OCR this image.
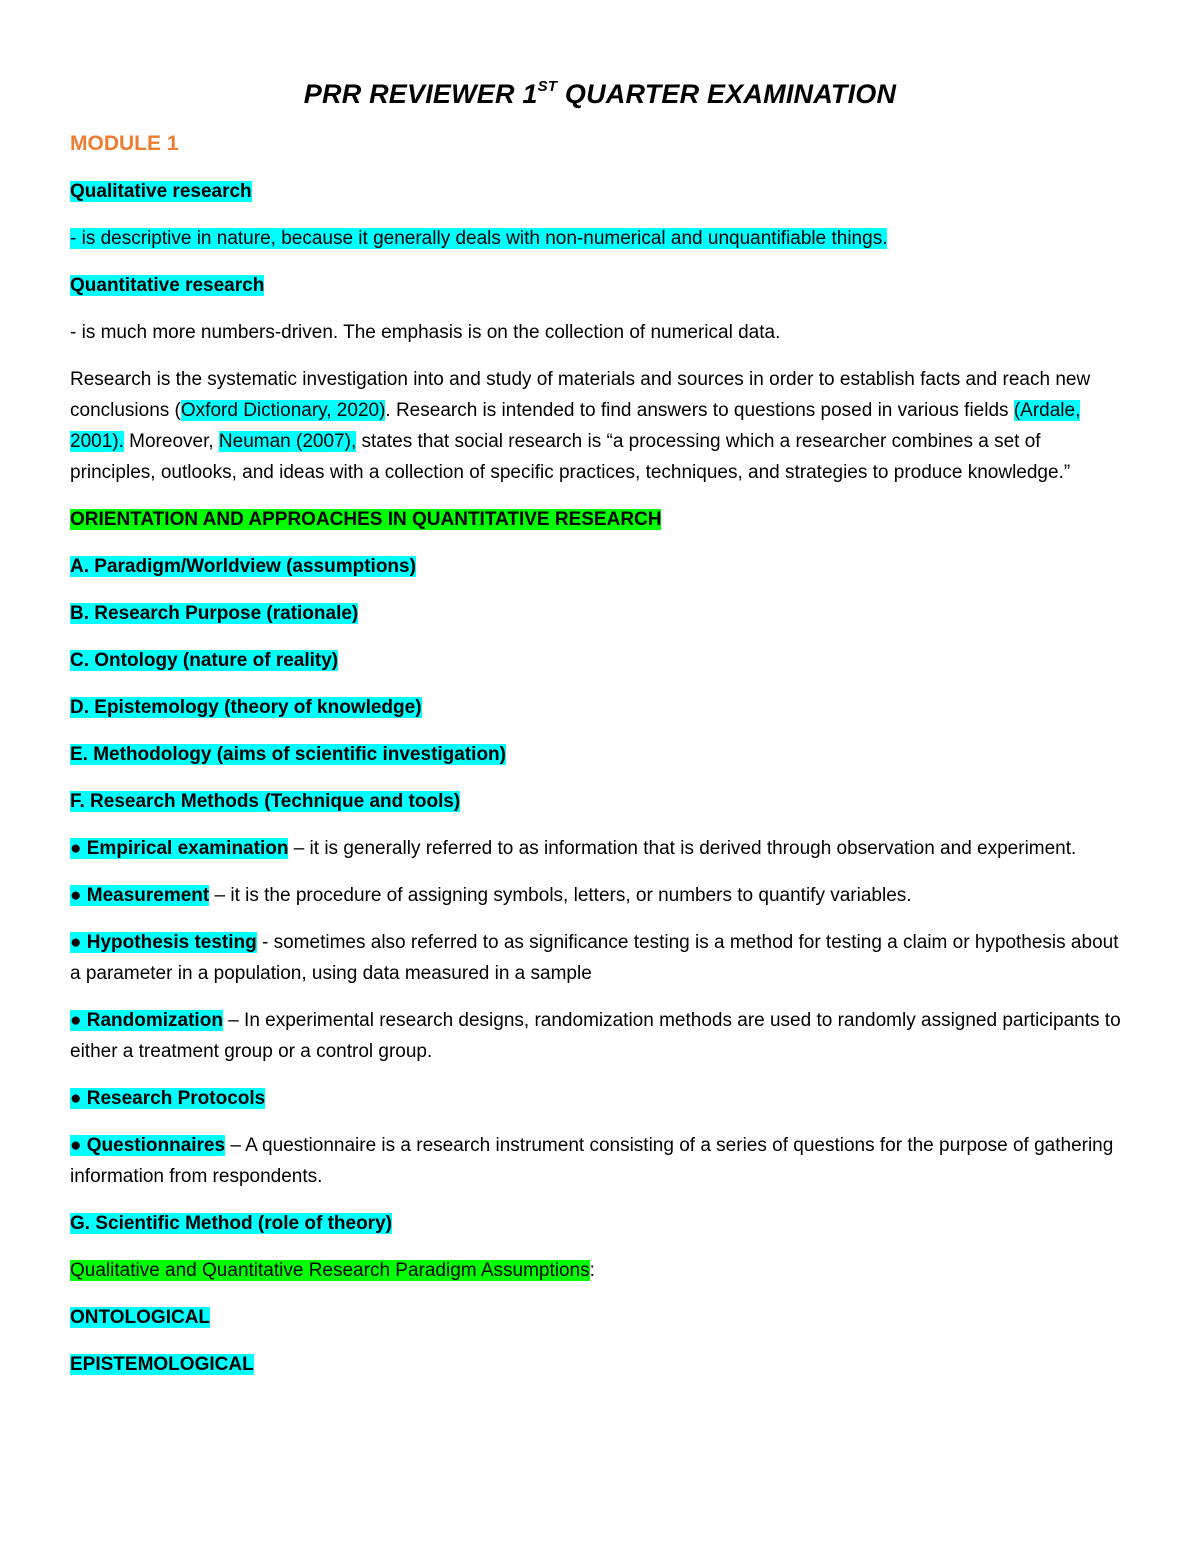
PRR REVIEWER 1ST QUARTER EXAMINATION
MODULE 1

Qualitative research

- is descriptive in nature, because it generally deals with non-numerical and unquantifiable things.

Quantitative research

- is much more numbers-driven. The emphasis is on the collection of numerical data.

Research is the systematic investigation into and study of materials and sources in order to establish facts and reach new conclusions (Oxford Dictionary, 2020). Research is intended to find answers to questions posed in various fields (Ardale, 2001). Moreover, Neuman (2007), states that social research is “a processing which a researcher combines a set of principles, outlooks, and ideas with a collection of specific practices, techniques, and strategies to produce knowledge.”

ORIENTATION AND APPROACHES IN QUANTITATIVE RESEARCH

A. Paradigm/Worldview (assumptions)

B. Research Purpose (rationale)

C. Ontology (nature of reality)

D. Epistemology (theory of knowledge)

E. Methodology (aims of scientific investigation)

F. Research Methods (Technique and tools)

● Empirical examination – it is generally referred to as information that is derived through observation and experiment.

● Measurement – it is the procedure of assigning symbols, letters, or numbers to quantify variables.

● Hypothesis testing - sometimes also referred to as significance testing is a method for testing a claim or hypothesis about a parameter in a population, using data measured in a sample

● Randomization – In experimental research designs, randomization methods are used to randomly assigned participants to either a treatment group or a control group.

● Research Protocols

● Questionnaires – A questionnaire is a research instrument consisting of a series of questions for the purpose of gathering information from respondents.

G. Scientific Method (role of theory)

Qualitative and Quantitative Research Paradigm Assumptions:

ONTOLOGICAL

EPISTEMOLOGICAL
